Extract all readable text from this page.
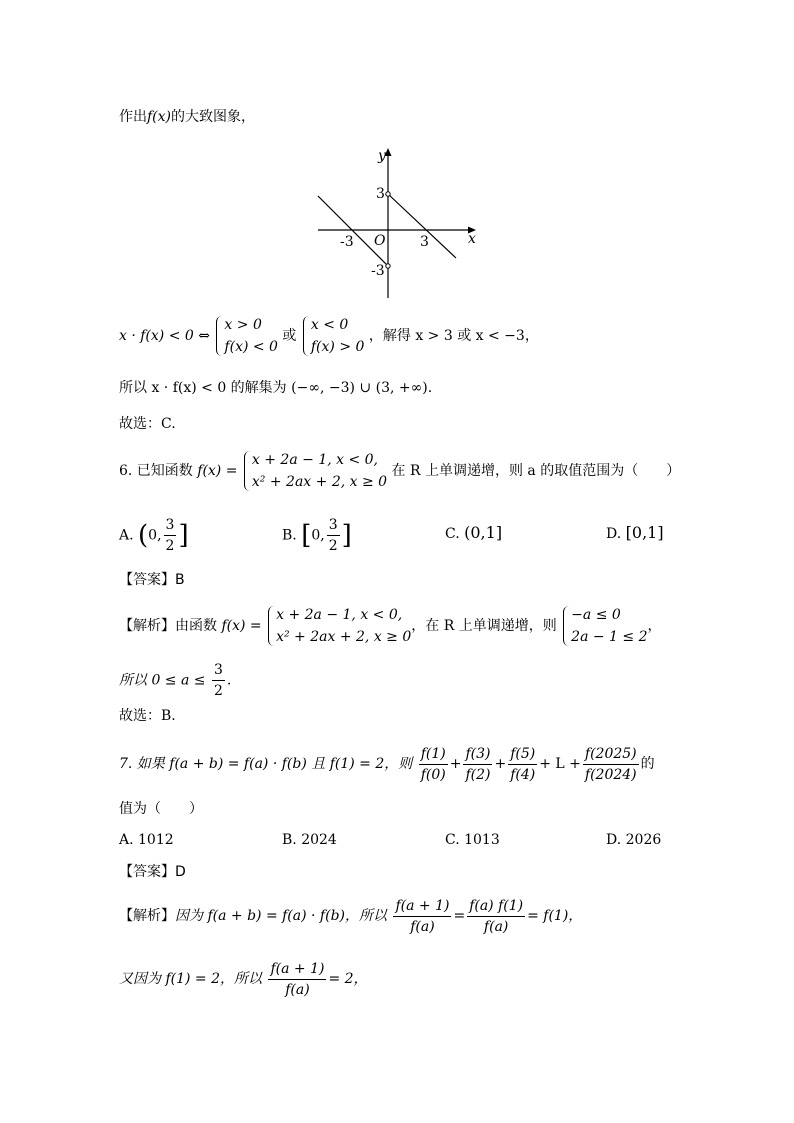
作出f(x)的大致图象，
y
x
O
3
-3
-3
3
x · f(x) < 0 ⇔
x > 0
f(x) < 0
或
x < 0
f(x) > 0
，解得 x > 3 或 x < −3，
所以 x · f(x) < 0 的解集为 (−∞, −3) ∪ (3, +∞).
故选：C.
6. 已知函数 f(x) =
x + 2a − 1, x < 0,
x² + 2ax + 2, x ≥ 0
在 R 上单调递增，则 a 的取值范围为（　　）
A. (0, $\frac{3}{2}$ ]	B. [0, $\frac{3}{2}$ ]	C. (0,1]	D. [0,1]
【答案】B
【解析】由函数 f(x) =
x + 2a − 1, x < 0,
x² + 2ax + 2, x ≥ 0
，在 R 上单调递增，则
−a ≤ 0
2a − 1 ≤ 2
，
所以 $0 \le a \le \frac{3}{2}$ .
故选：B.
7. 如果 f(a + b) = f(a) · f(b) 且 f(1) = 2，则 $\frac{f(1)}{f(0)} + \frac{f(3)}{f(2)} + \frac{f(5)}{f(4)} + L + \frac{f(2025)}{f(2024)}$ 的
值为（　　）
A. 1012	B. 2024	C. 1013	D. 2026
【答案】D
【解析】因为 f(a + b) = f(a) · f(b)，所以 $\frac{f(a + 1)}{f(a)} = \frac{f(a) f(1)}{f(a)} = f(1)$，
又因为 f(1) = 2，所以 $\frac{f(a + 1)}{f(a)} = 2$，
